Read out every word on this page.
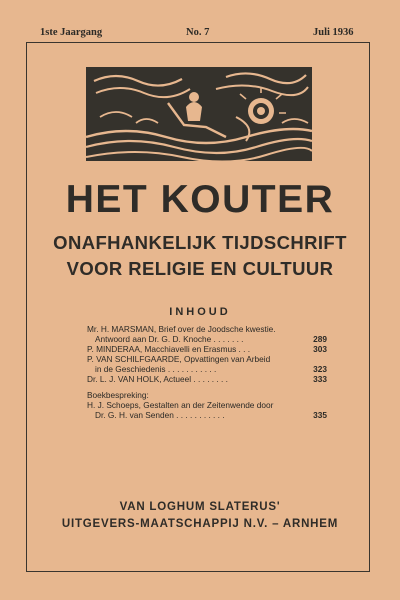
1ste Jaargang	No. 7	Juli 1936
HET KOUTER
ONAFHANKELIJK TIJDSCHRIFT
VOOR RELIGIE EN CULTUUR
INHOUD
Mr. H. MARSMAN, Brief over de Joodsche kwestie.
Antwoord aan Dr. G. D. Knoche . . . . . . .	289
P. MINDERAA, Macchiavelli en Erasmus . . .	303
P. VAN SCHILFGAARDE, Opvattingen van Arbeid
in de Geschiedenis . . . . . . . . . . .	323
Dr. L. J. VAN HOLK, Actueel . . . . . . . .	333
Boekbespreking:
H. J. Schoeps, Gestalten an der Zeitenwende door
Dr. G. H. van Senden . . . . . . . . . . .	335
VAN LOGHUM SLATERUS'
UITGEVERS-MAATSCHAPPIJ N.V. – ARNHEM
